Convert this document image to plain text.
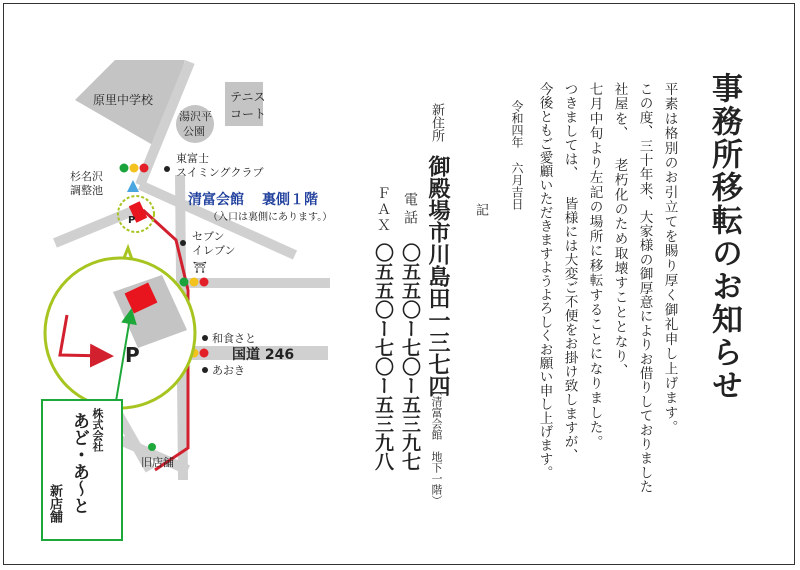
原里中学校	テニス
コート
湯沢平
公園
杉名沢
調整池
東富士
スイミングクラブ
P
清富会館 裏側１階
（入口は裏側にあります。）
セブン
イレブン
⛩
和食さと
国道 246
あおき
旧店舗
P
株式会社
あど・あ～と
新店舗
新住所
御殿場市川島田一三七四
（清富会館　地下一階）
電話
〇五五〇ー七〇ー五三九七
ＦＡＸ
〇五五〇ー七〇ー五三九八
記	事務所移転のお知らせ
平素は格別のお引立てを賜り厚く御礼申し上げます。
この度、三十年来、大家様の御厚意によりお借りしておりました
社屋を、 老朽化のため取壊すこととなり、
七月中旬より左記の場所に移転することになりました。
つきましては、 皆様には大変ご不便をお掛け致しますが、
今後ともご愛顧いただきますようよろしくお願い申し上げます。
令和四年
六月吉日
